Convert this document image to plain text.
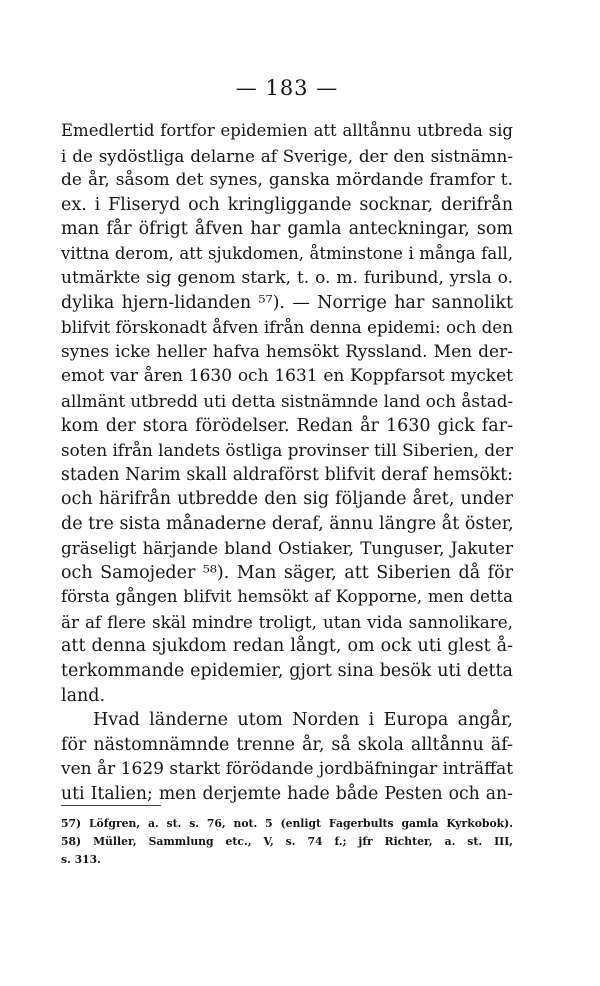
— 183 —
Emedlertid fortfor epidemien att alltånnu utbreda sig
i de sydöstliga delarne af Sverige, der den sistnämn-
de år, såsom det synes, ganska mördande framfor t.
ex. i Fliseryd och kringliggande socknar, derifrån
man får öfrigt åfven har gamla anteckningar, som
vittna derom, att sjukdomen, åtminstone i många fall,
utmärkte sig genom stark, t. o. m. furibund, yrsla o.
dylika hjern-lidanden ⁵⁷). — Norrige har sannolikt
blifvit förskonadt åfven ifrån denna epidemi: och den
synes icke heller hafva hemsökt Ryssland. Men der-
emot var åren 1630 och 1631 en Koppfarsot mycket
allmänt utbredd uti detta sistnämnde land och åstad-
kom der stora förödelser. Redan år 1630 gick far-
soten ifrån landets östliga provinser till Siberien, der
staden Narim skall aldraförst blifvit deraf hemsökt:
och härifrån utbredde den sig följande året, under
de tre sista månaderne deraf, ännu längre åt öster,
gräseligt härjande bland Ostiaker, Tunguser, Jakuter
och Samojeder ⁵⁸). Man säger, att Siberien då för
första gången blifvit hemsökt af Kopporne, men detta
är af flere skäl mindre troligt, utan vida sannolikare,
att denna sjukdom redan långt, om ock uti glest å-
terkommande epidemier, gjort sina besök uti detta
land.
Hvad länderne utom Norden i Europa angår,
för nästomnämnde trenne år, så skola alltånnu äf-
ven år 1629 starkt förödande jordbäfningar inträffat
uti Italien; men derjemte hade både Pesten och an-
57) Löfgren, a. st. s. 76, not. 5 (enligt Fagerbults gamla Kyrkobok).
58) Müller, Sammlung etc., V, s. 74 f.; jfr Richter, a. st. III,
s. 313.
